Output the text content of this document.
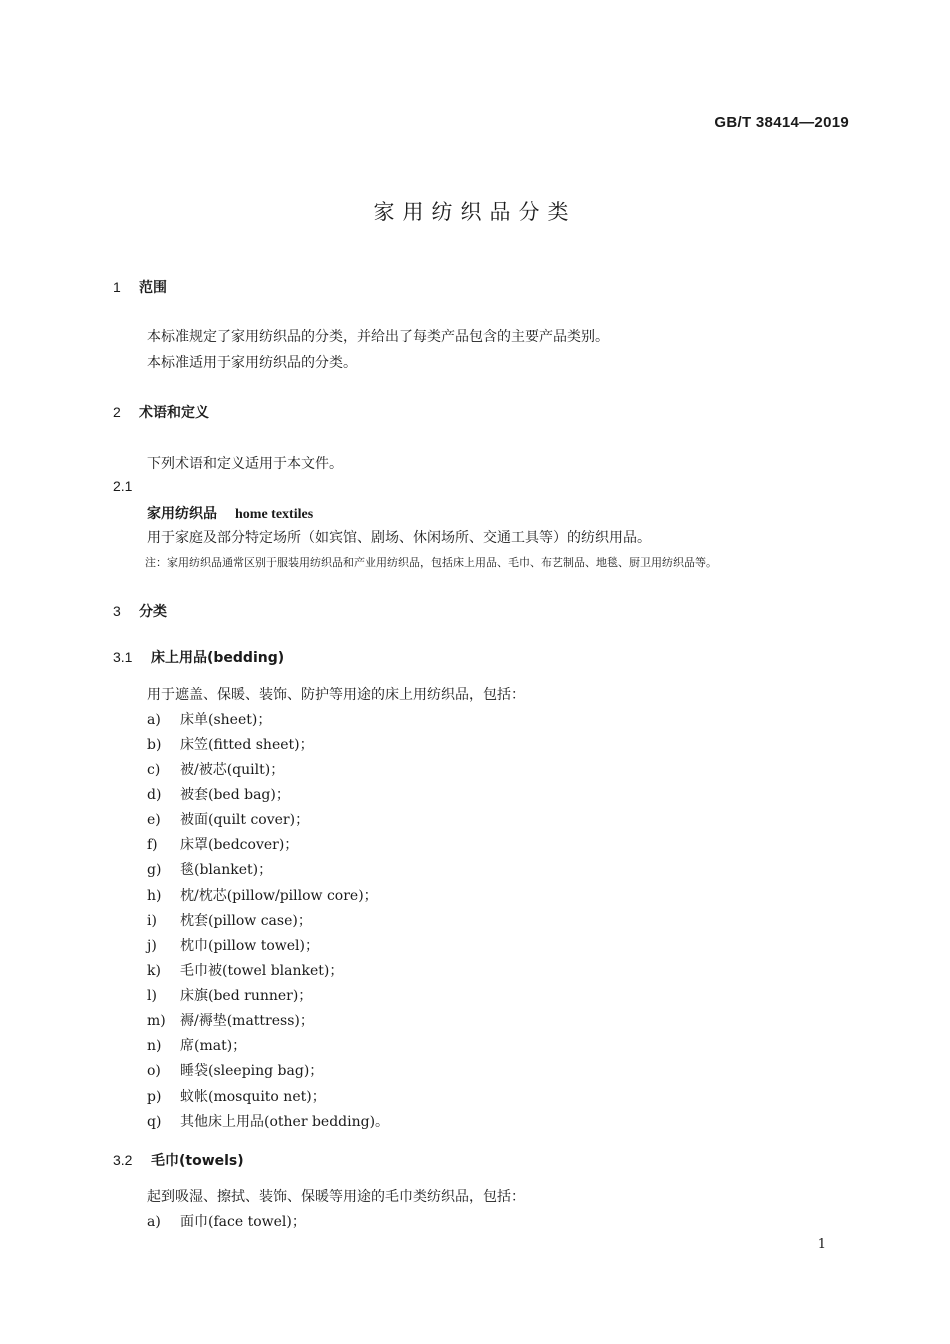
GB/T 38414—2019
家用纺织品分类
1 范围
本标准规定了家用纺织品的分类，并给出了每类产品包含的主要产品类别。
本标准适用于家用纺织品的分类。
2 术语和定义
下列术语和定义适用于本文件。
2.1
家用纺织品 home textiles
用于家庭及部分特定场所（如宾馆、剧场、休闲场所、交通工具等）的纺织用品。
注：家用纺织品通常区别于服装用纺织品和产业用纺织品，包括床上用品、毛巾、布艺制品、地毯、厨卫用纺织品等。
3 分类
3.1 床上用品(bedding)
用于遮盖、保暖、装饰、防护等用途的床上用纺织品，包括：
a) 床单(sheet)；
b) 床笠(fitted sheet)；
c) 被/被芯(quilt)；
d) 被套(bed bag)；
e) 被面(quilt cover)；
f) 床罩(bedcover)；
g) 毯(blanket)；
h) 枕/枕芯(pillow/pillow core)；
i) 枕套(pillow case)；
j) 枕巾(pillow towel)；
k) 毛巾被(towel blanket)；
l) 床旗(bed runner)；
m) 褥/褥垫(mattress)；
n) 席(mat)；
o) 睡袋(sleeping bag)；
p) 蚊帐(mosquito net)；
q) 其他床上用品(other bedding)。
3.2 毛巾(towels)
起到吸湿、擦拭、装饰、保暖等用途的毛巾类纺织品，包括：
a) 面巾(face towel)；
1
